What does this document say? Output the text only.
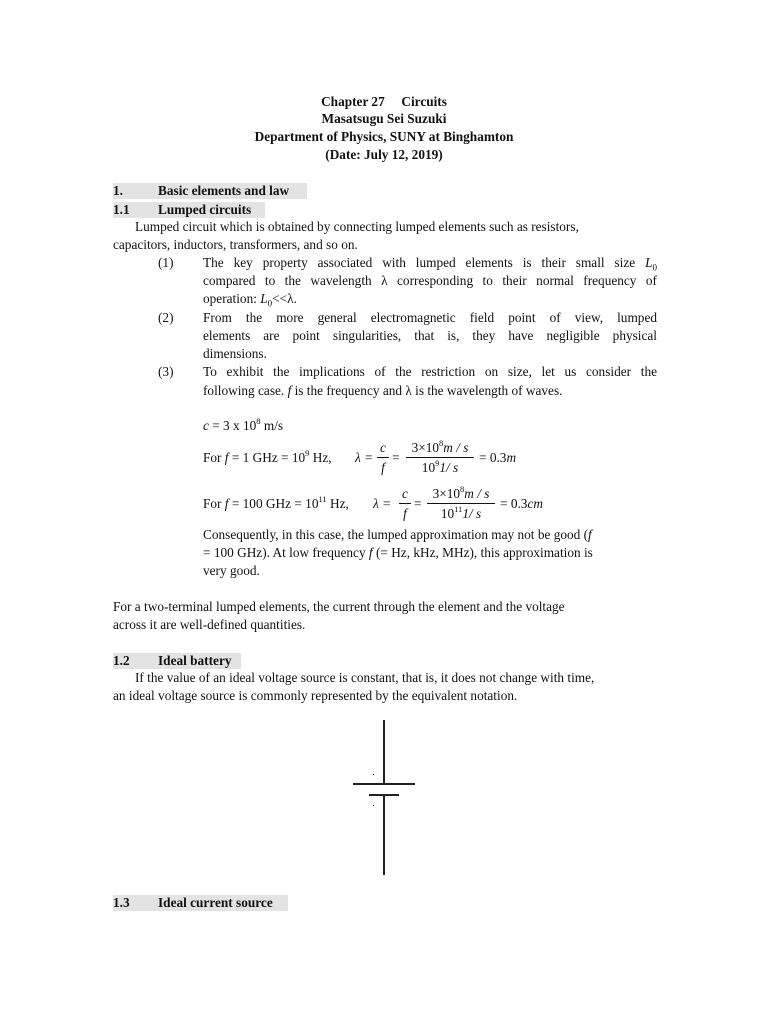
Chapter 27 Circuits
Masatsugu Sei Suzuki
Department of Physics, SUNY at Binghamton
(Date: July 12, 2019)
1.	Basic elements and law
1.1 Lumped circuits
Lumped circuit which is obtained by connecting lumped elements such as resistors,
capacitors, inductors, transformers, and so on.
(1) The key property associated with lumped elements is their small size $L_0$
compared to the wavelength λ corresponding to their normal frequency of
operation: $L_0<<\lambda$.
(2) From the more general electromagnetic field point of view, lumped
elements are point singularities, that is, they have negligible physical
dimensions.
(3) To exhibit the implications of the restriction on size, let us consider the
following case. f is the frequency and λ is the wavelength of waves.
c = 3 x $10^8$ m/s
For f = 1 GHz = $10^9$ Hz, λ =
c
f
=
$3\times 10^8m / s$
$10^91/$ s
= 0.3m
For f = 100 GHz = $10^{11}$ Hz, λ =
c
f
=
$3\times 10^8m / s$
$10^{11}1/$ s
= 0.3cm
Consequently, in this case, the lumped approximation may not be good (f
= 100 GHz). At low frequency f (= Hz, kHz, MHz), this approximation is
very good.
For a two-terminal lumped elements, the current through the element and the voltage
across it are well-defined quantities.
1.2 Ideal battery
If the value of an ideal voltage source is constant, that is, it does not change with time,
an ideal voltage source is commonly represented by the equivalent notation.
1.3 Ideal current source
